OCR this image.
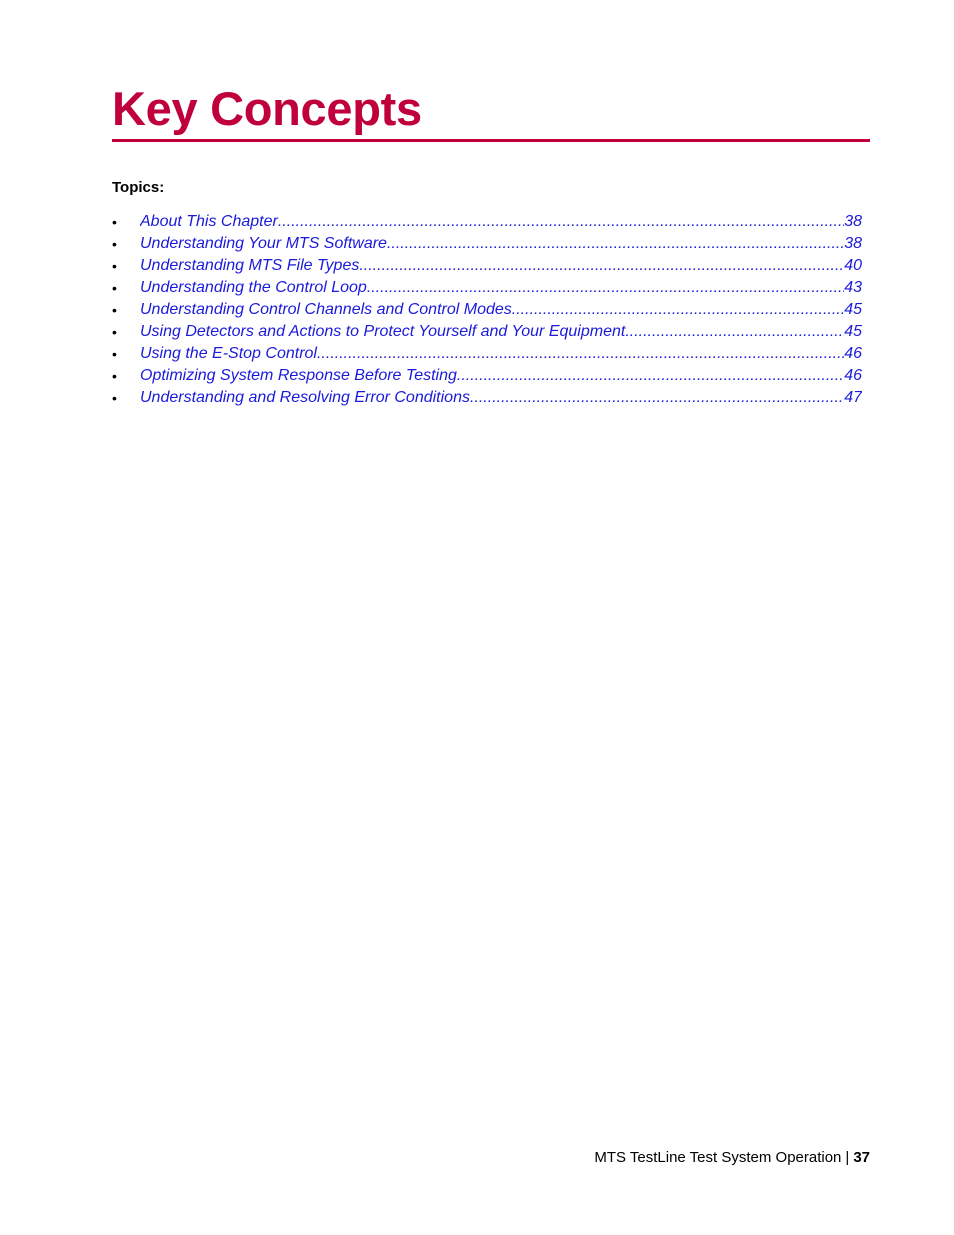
Key Concepts

Topics:

•	About This Chapter .....	38
•	Understanding Your MTS Software .....	38
•	Understanding MTS File Types .....	40
•	Understanding the Control Loop .....	43
•	Understanding Control Channels and Control Modes .....	45
•	Using Detectors and Actions to Protect Yourself and Your Equipment .....	45
•	Using the E-Stop Control .....	46
•	Optimizing System Response Before Testing .....	46
•	Understanding and Resolving Error Conditions .....	47
MTS TestLine Test System Operation | 37
